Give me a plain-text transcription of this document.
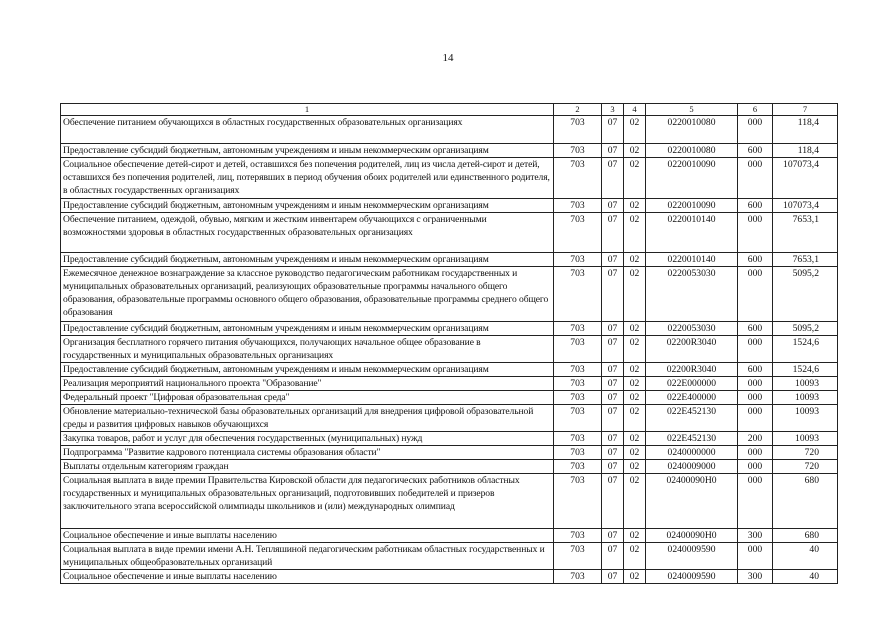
14
1	2	3	4	5	6	7
Обеспечение питанием обучающихся в областных государственных образовательных организациях	703	07	02	0220010080	000	118,4
Предоставление субсидий бюджетным, автономным учреждениям и иным некоммерческим организациям	703	07	02	0220010080	600	118,4
Социальное обеспечение детей-сирот и детей, оставшихся без попечения родителей, лиц из числа детей-сирот и детей, оставшихся без попечения родителей, лиц, потерявших в период обучения обоих родителей или единственного родителя, в областных государственных организациях	703	07	02	0220010090	000	107073,4
Предоставление субсидий бюджетным, автономным учреждениям и иным некоммерческим организациям	703	07	02	0220010090	600	107073,4
Обеспечение питанием, одеждой, обувью, мягким и жестким инвентарем обучающихся с ограниченными возможностями здоровья в областных государственных образовательных организациях	703	07	02	0220010140	000	7653,1
Предоставление субсидий бюджетным, автономным учреждениям и иным некоммерческим организациям	703	07	02	0220010140	600	7653,1
Ежемесячное денежное вознаграждение за классное руководство педагогическим работникам государственных и муниципальных образовательных организаций, реализующих образовательные программы начального общего образования, образовательные программы основного общего образования, образовательные программы среднего общего образования	703	07	02	0220053030	000	5095,2
Предоставление субсидий бюджетным, автономным учреждениям и иным некоммерческим организациям	703	07	02	0220053030	600	5095,2
Организация бесплатного горячего питания обучающихся, получающих начальное общее образование в государственных и муниципальных образовательных организациях	703	07	02	02200R3040	000	1524,6
Предоставление субсидий бюджетным, автономным учреждениям и иным некоммерческим организациям	703	07	02	02200R3040	600	1524,6
Реализация мероприятий национального проекта "Образование"	703	07	02	022E000000	000	10093
Федеральный проект "Цифровая образовательная среда"	703	07	02	022E400000	000	10093
Обновление материально-технической базы образовательных организаций для внедрения цифровой образовательной среды и развития цифровых навыков обучающихся	703	07	02	022E452130	000	10093
Закупка товаров, работ и услуг для обеспечения государственных (муниципальных) нужд	703	07	02	022E452130	200	10093
Подпрограмма "Развитие кадрового потенциала системы образования области"	703	07	02	0240000000	000	720
Выплаты отдельным категориям граждан	703	07	02	0240009000	000	720
Социальная выплата в виде премии Правительства Кировской области для педагогических работников областных государственных и муниципальных образовательных организаций, подготовивших победителей и призеров заключительного этапа всероссийской олимпиады школьников и (или) международных олимпиад	703	07	02	02400090Н0	000	680
Социальное обеспечение и иные выплаты населению	703	07	02	02400090Н0	300	680
Социальная выплата в виде премии имени А.Н. Тепляшиной педагогическим работникам областных государственных и муниципальных общеобразовательных организаций	703	07	02	0240009590	000	40
Социальное обеспечение и иные выплаты населению	703	07	02	0240009590	300	40
